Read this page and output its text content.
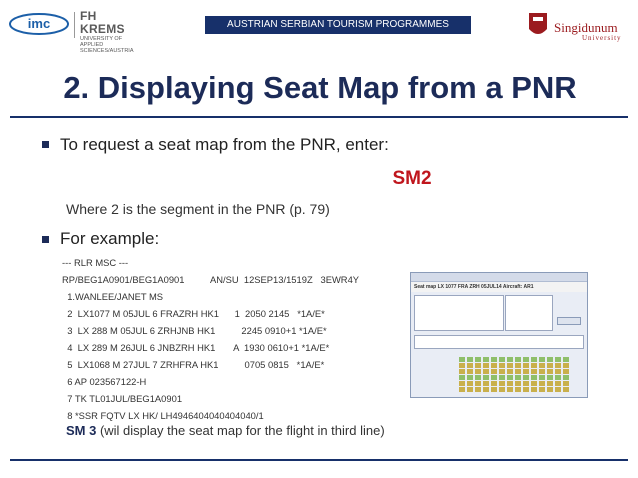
imc FH KREMS
UNIVERSITY OF APPLIED SCIENCES/AUSTRIA
AUSTRIAN SERBIAN TOURISM PROGRAMMES	Singidunum
University
2. Displaying Seat Map from a PNR
To request a seat map from the PNR, enter:
SM2
Where 2 is the segment in the PNR (p. 79)
For example:
--- RLR MSC ---
RP/BEG1A0901/BEG1A0901          AN/SU  12SEP13/1519Z   3EWR4Y
1.WANLEE/JANET MS
2  LX1077 M 05JUL 6 FRAZRH HK1      1  2050 2145   *1A/E*
3  LX 288 M 05JUL 6 ZRHJNB HK1          2245 0910+1 *1A/E*
4  LX 289 M 26JUL 6 JNBZRH HK1       A  1930 0610+1 *1A/E*
5  LX1068 M 27JUL 7 ZRHFRA HK1          0705 0815   *1A/E*
6 AP 023567122-H
7 TK TL01JUL/BEG1A0901
8 *SSR FQTV LX HK/ LH4946404040404040/1
Seat map LX 1077 FRA ZRH 05JUL14 Aircraft: AR1
SM 3 (wil display the seat map for the flight in third line)
